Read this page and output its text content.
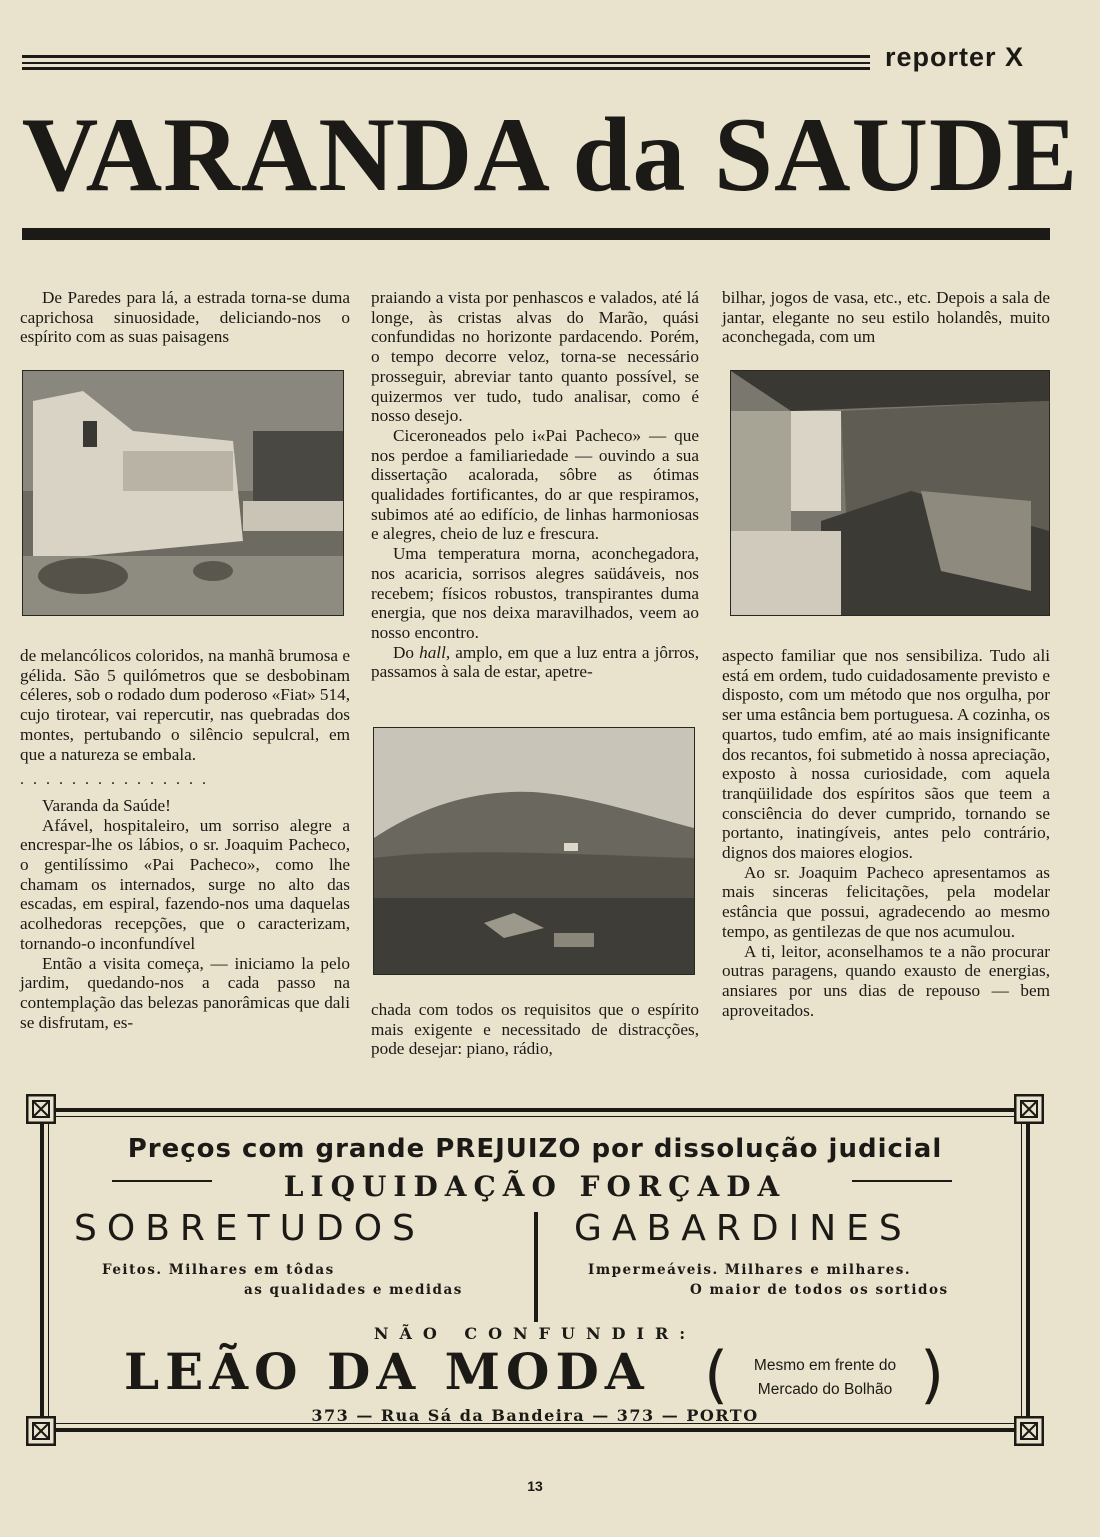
reporter X
VARANDA da SAUDE

De Paredes para lá, a estrada torna-se duma caprichosa sinuosidade, deliciando-nos o espírito com as suas paisagens

de melancólicos coloridos, na manhã brumosa e gélida. São 5 quilómetros que se desbobinam céleres, sob o rodado dum poderoso «Fiat» 514, cujo tirotear, vai repercutir, nas quebradas dos montes, pertubando o silêncio sepulcral, em que a natureza se embala.

...............

Varanda da Saúde!

Afável, hospitaleiro, um sorriso alegre a encrespar-lhe os lábios, o sr. Joaquim Pacheco, o gentilíssimo «Pai Pacheco», como lhe chamam os internados, surge no alto das escadas, em espiral, fazendo-nos uma daquelas acolhedoras recepções, que o caracterizam, tornando-o inconfundível

Então a visita começa, — iniciamo la pelo jardim, quedando-nos a cada passo na contemplação das belezas panorâmicas que dali se disfrutam, es-

praiando a vista por penhascos e valados, até lá longe, às cristas alvas do Marão, quási confundidas no horizonte pardacendo. Porém, o tempo decorre veloz, torna-se necessário prosseguir, abreviar tanto quanto possível, se quizermos ver tudo, tudo analisar, como é nosso desejo.

Ciceroneados pelo i«Pai Pacheco» — que nos perdoe a familiariedade — ouvindo a sua dissertação acalorada, sôbre as ótimas qualidades fortificantes, do ar que respiramos, subimos até ao edifício, de linhas harmoniosas e alegres, cheio de luz e frescura.

Uma temperatura morna, aconchegadora, nos acaricia, sorrisos alegres saüdáveis, nos recebem; físicos robustos, transpirantes duma energia, que nos deixa maravilhados, veem ao nosso encontro.

Do hall, amplo, em que a luz entra a jôrros, passamos à sala de estar, apetre-

chada com todos os requisitos que o espírito mais exigente e necessitado de distracções, pode desejar: piano, rádio,

bilhar, jogos de vasa, etc., etc. Depois a sala de jantar, elegante no seu estilo holandês, muito aconchegada, com um

aspecto familiar que nos sensibiliza. Tudo ali está em ordem, tudo cuidadosamente previsto e disposto, com um método que nos orgulha, por ser uma estância bem portuguesa. A cozinha, os quartos, tudo emfim, até ao mais insignificante dos recantos, foi submetido à nossa apreciação, exposto à nossa curiosidade, com aquela tranqüilidade dos espíritos sãos que teem a consciência do dever cumprido, tornando se portanto, inatingíveis, antes pelo contrário, dignos dos maiores elogios.

Ao sr. Joaquim Pacheco apresentamos as mais sinceras felicitações, pela modelar estância que possui, agradecendo ao mesmo tempo, as gentilezas de que nos acumulou.

A ti, leitor, aconselhamos te a não procurar outras paragens, quando exausto de energias, ansiares por uns dias de repouso — bem aproveitados.

Preços com grande PREJUIZO por dissolução judicial
LIQUIDAÇÃO FORÇADA
SOBRETUDOS	GABARDINES
Feitos. Milhares em tôdas
as qualidades e medidas
Impermeáveis. Milhares e milhares.
O maior de todos os sortidos
NÃO CONFUNDIR:
LEÃO DA MODA (	Mesmo em frente do
Mercado do Bolhão )
373 — Rua Sá da Bandeira — 373 — PORTO
13
